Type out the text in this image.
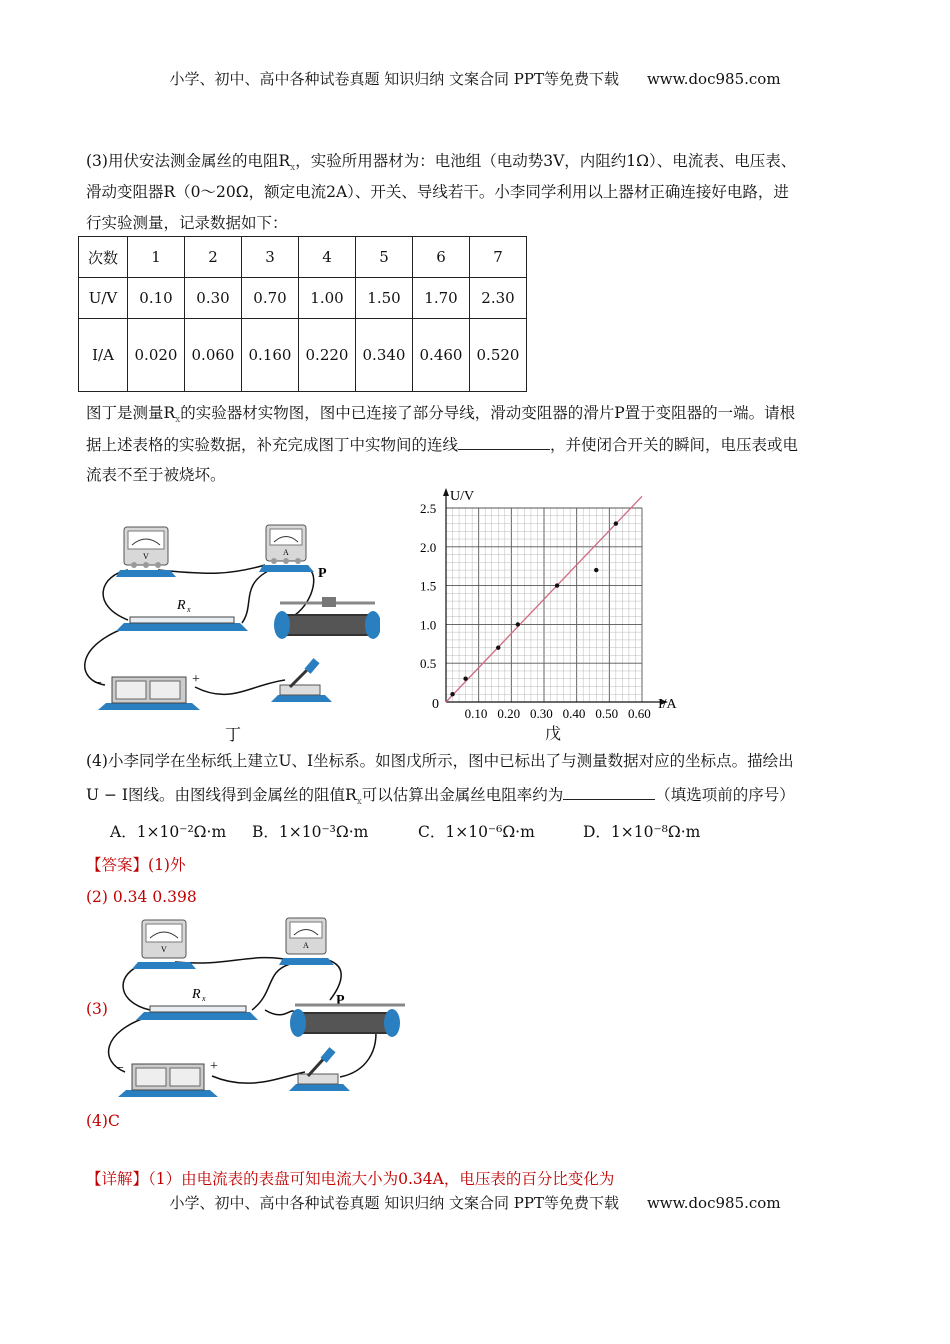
小学、初中、高中各种试卷真题 知识归纳 文案合同 PPT等免费下载 www.doc985.com
(3)用伏安法测金属丝的电阻$R_x$，实验所用器材为：电池组（电动势3V，内阻约1Ω）、电流表、电压表、
滑动变阻器R（0～20Ω，额定电流2A）、开关、导线若干。小李同学利用以上器材正确连接好电路，进
行实验测量，记录数据如下：
次数	1	2	3	4	5	6	7
U/V	0.10	0.30	0.70	1.00	1.50	1.70	2.30
I/A	0.020	0.060	0.160	0.220	0.340	0.460	0.520
图丁是测量$R_x$的实验器材实物图，图中已连接了部分导线，滑动变阻器的滑片P置于变阻器的一端。请根
据上述表格的实验数据，补充完成图丁中实物间的连线	，并使闭合开关的瞬间，电压表或电
流表不至于被烧坏。
V	A
R x
P
−	+
丁
0.10 0.20 0.30 0.40 0.50 0.60
0.5
1.0
1.5
2.0
2.5
U/V
I/A
0
戊
(4)小李同学在坐标纸上建立U、I坐标系。如图戊所示，图中已标出了与测量数据对应的坐标点。描绘出
U − I图线。由图线得到金属丝的阻值$R_x$可以估算出金属丝电阻率约为	（填选项前的序号）
A．1×10⁻²Ω·m B．1×10⁻³Ω·m	C．1×10⁻⁶Ω·m	D．1×10⁻⁸Ω·m
【答案】(1)外
(2) 0.34 0.398
(3)
V	A
R x	P
−	+
(4)C
【详解】（1）由电流表的表盘可知电流大小为0.34A，电压表的百分比变化为
小学、初中、高中各种试卷真题 知识归纳 文案合同 PPT等免费下载 www.doc985.com
